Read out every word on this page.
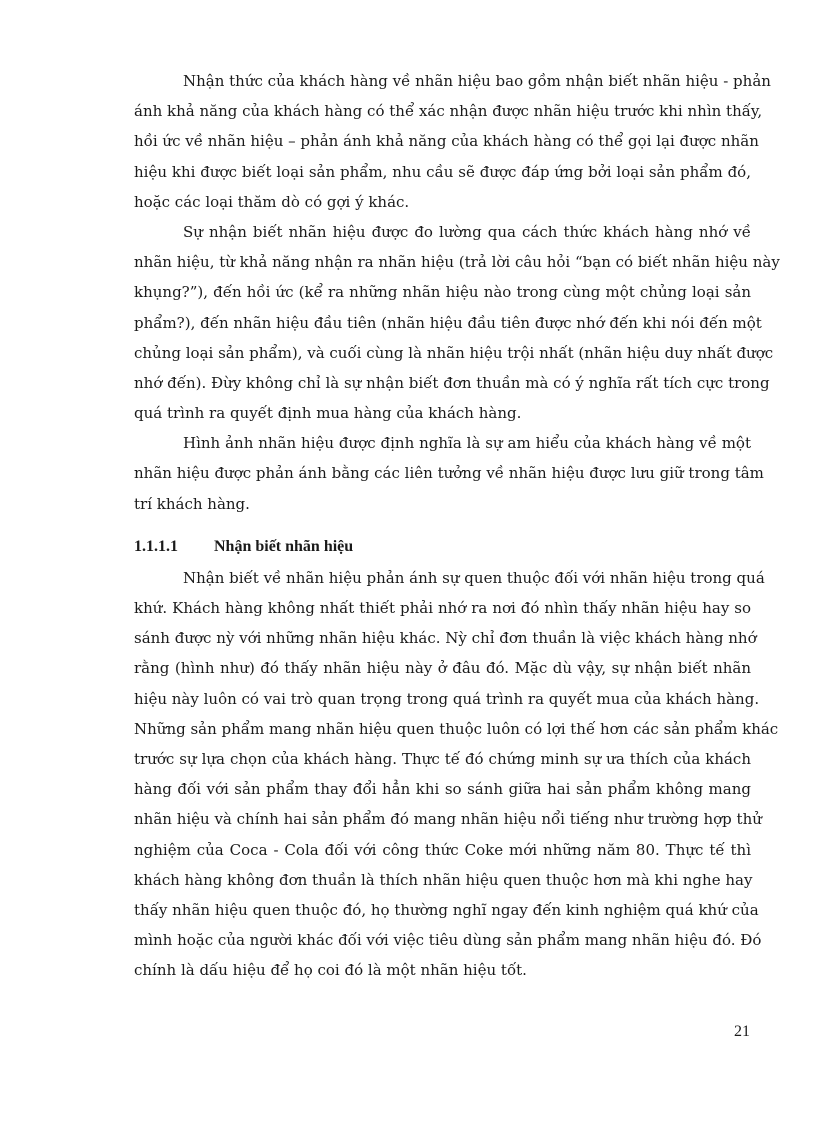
Nhận thức của khách hàng về nhãn hiệu bao gồm nhận biết nhãn hiệu - phản
ánh khả năng của khách hàng có thể xác nhận được nhãn hiệu trước khi nhìn thấy,
hồi ức về nhãn hiệu – phản ánh khả năng của khách hàng có thể gọi lại được nhãn
hiệu khi được biết loại sản phẩm, nhu cầu sẽ được đáp ứng bởi loại sản phẩm đó,
hoặc các loại thăm dò có gợi ý khác.
Sự nhận biết nhãn hiệu được đo lường qua cách thức khách hàng nhớ về
nhãn hiệu, từ khả năng nhận ra nhãn hiệu (trả lời câu hỏi “bạn có biết nhãn hiệu này
khụng?”), đến hồi ức (kể ra những nhãn hiệu nào trong cùng một chủng loại sản
phẩm?), đến nhãn hiệu đầu tiên (nhãn hiệu đầu tiên được nhớ đến khi nói đến một
chủng loại sản phẩm), và cuối cùng là nhãn hiệu trội nhất (nhãn hiệu duy nhất được
nhớ đến). Đừy không chỉ là sự nhận biết đơn thuần mà có ý nghĩa rất tích cực trong
quá trình ra quyết định mua hàng của khách hàng.
Hình ảnh nhãn hiệu được định nghĩa là sự am hiểu của khách hàng về một
nhãn hiệu được phản ánh bằng các liên tưởng về nhãn hiệu được lưu giữ trong tâm
trí khách hàng.
1.1.1.1	Nhận biết nhãn hiệu
Nhận biết về nhãn hiệu phản ánh sự quen thuộc đối với nhãn hiệu trong quá
khứ. Khách hàng không nhất thiết phải nhớ ra nơi đó nhìn thấy nhãn hiệu hay so
sánh được nỳ với những nhãn hiệu khác. Nỳ chỉ đơn thuần là việc khách hàng nhớ
rằng (hình như) đó thấy nhãn hiệu này ở đâu đó. Mặc dù vậy, sự nhận biết nhãn
hiệu này luôn có vai trò quan trọng trong quá trình ra quyết mua của khách hàng.
Những sản phẩm mang nhãn hiệu quen thuộc luôn có lợi thế hơn các sản phẩm khác
trước sự lựa chọn của khách hàng. Thực tế đó chứng minh sự ưa thích của khách
hàng đối với sản phẩm thay đổi hẳn khi so sánh giữa hai sản phẩm không mang
nhãn hiệu và chính hai sản phẩm đó mang nhãn hiệu nổi tiếng như trường hợp thử
nghiệm của Coca - Cola đối với công thức Coke mới những năm 80. Thực tế thì
khách hàng không đơn thuần là thích nhãn hiệu quen thuộc hơn mà khi nghe hay
thấy nhãn hiệu quen thuộc đó, họ thường nghĩ ngay đến kinh nghiệm quá khứ của
mình hoặc của người khác đối với việc tiêu dùng sản phẩm mang nhãn hiệu đó. Đó
chính là dấu hiệu để họ coi đó là một nhãn hiệu tốt.
21
